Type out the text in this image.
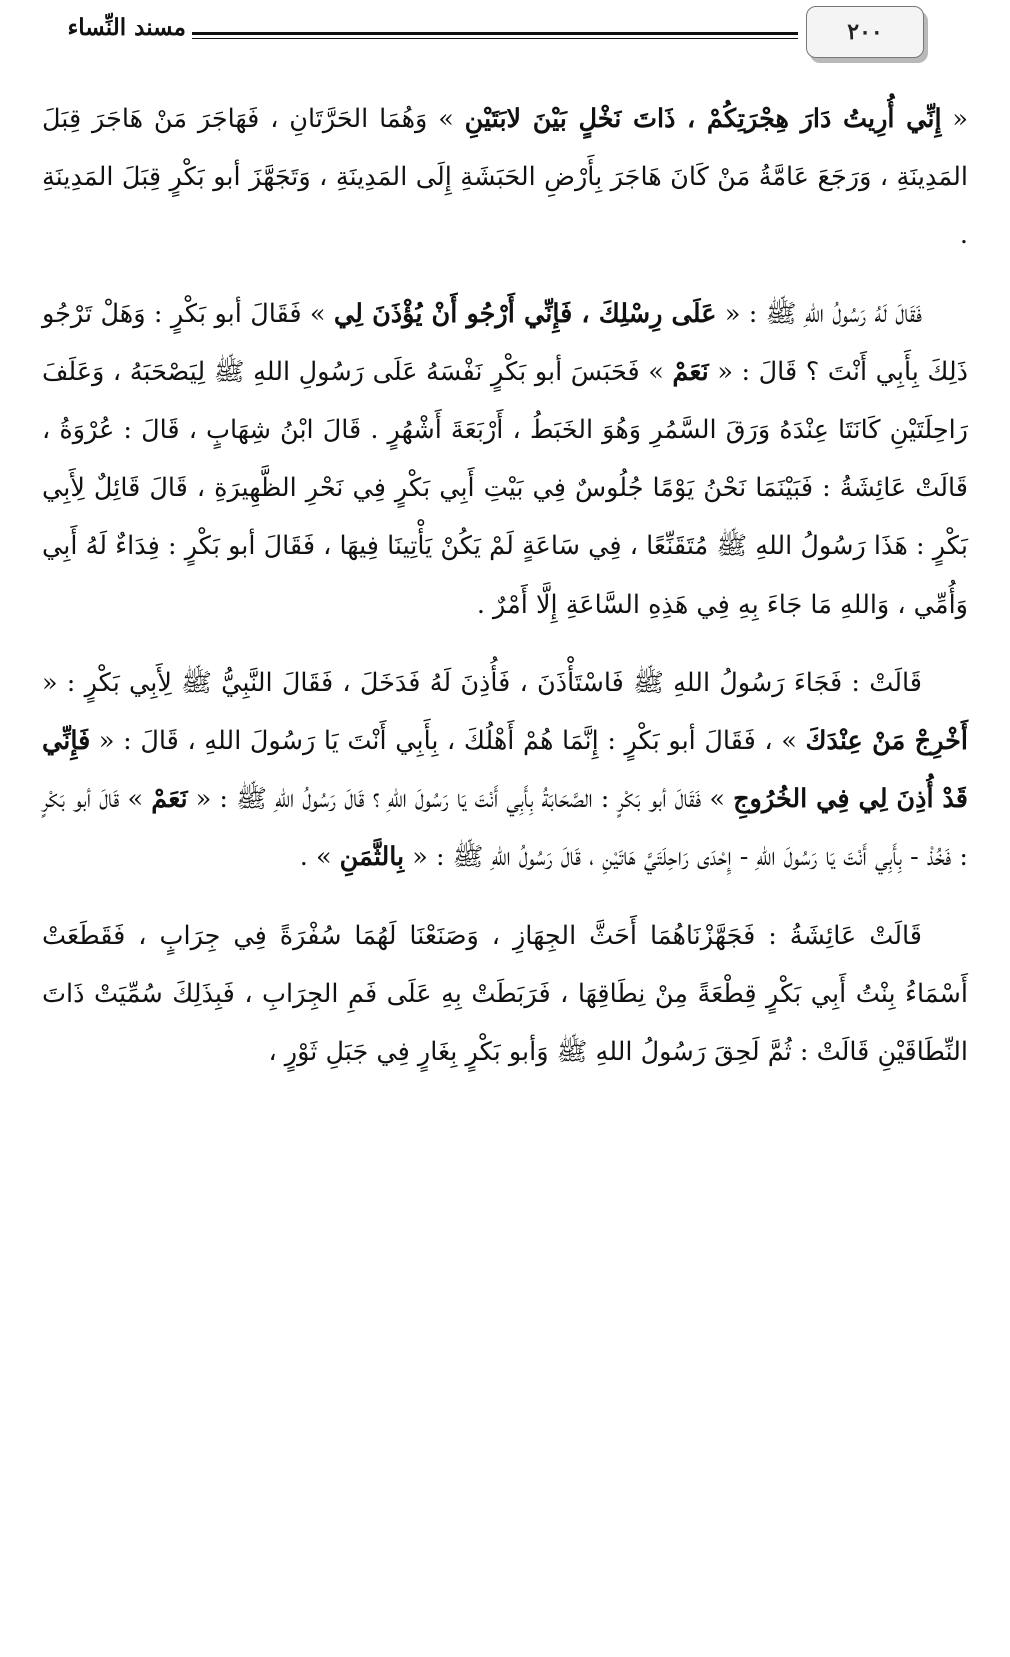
٢٠٠
مسند النِّساء

« إِنِّي أُرِيتُ دَارَ هِجْرَتِكُمْ ، ذَاتَ نَخْلٍ بَيْنَ لابَتَيْنِ » وَهُمَا الحَرَّتَانِ ، فَهَاجَرَ مَنْ هَاجَرَ قِبَلَ المَدِينَةِ ، وَرَجَعَ عَامَّةُ مَنْ كَانَ هَاجَرَ بِأَرْضِ الحَبَشَةِ إِلَى المَدِينَةِ ، وَتَجَهَّزَ أبو بَكْرٍ قِبَلَ المَدِينَةِ .

فَقَالَ لَهُ رَسُولُ اللهِ ﷺ : « عَلَى رِسْلِكَ ، فَإِنِّي أَرْجُو أَنْ يُؤْذَنَ لِي » فَقَالَ أبو بَكْرٍ : وَهَلْ تَرْجُو ذَلِكَ بِأَبِي أَنْتَ ؟ قَالَ : « نَعَمْ » فَحَبَسَ أبو بَكْرٍ نَفْسَهُ عَلَى رَسُولِ اللهِ ﷺ لِيَصْحَبَهُ ، وَعَلَفَ رَاحِلَتَيْنِ كَانَتَا عِنْدَهُ وَرَقَ السَّمُرِ وَهُوَ الخَبَطُ ، أَرْبَعَةَ أَشْهُرٍ . قَالَ ابْنُ شِهَابٍ ، قَالَ : عُرْوَةُ ، قَالَتْ عَائِشَةُ : فَبَيْنَمَا نَحْنُ يَوْمًا جُلُوسٌ فِي بَيْتِ أَبِي بَكْرٍ فِي نَحْرِ الظَّهِيرَةِ ، قَالَ قَائِلٌ لِأَبِي بَكْرٍ : هَذَا رَسُولُ اللهِ ﷺ مُتَقَنِّعًا ، فِي سَاعَةٍ لَمْ يَكُنْ يَأْتِينَا فِيهَا ، فَقَالَ أبو بَكْرٍ : فِدَاءٌ لَهُ أَبِي وَأُمِّي ، وَاللهِ مَا جَاءَ بِهِ فِي هَذِهِ السَّاعَةِ إِلَّا أَمْرٌ .

قَالَتْ : فَجَاءَ رَسُولُ اللهِ ﷺ فَاسْتَأْذَنَ ، فَأُذِنَ لَهُ فَدَخَلَ ، فَقَالَ النَّبِيُّ ﷺ لِأَبِي بَكْرٍ : « أَخْرِجْ مَنْ عِنْدَكَ » ، فَقَالَ أبو بَكْرٍ : إِنَّمَا هُمْ أَهْلُكَ ، بِأَبِي أَنْتَ يَا رَسُولَ اللهِ ، قَالَ : « فَإِنِّي قَدْ أُذِنَ لِي فِي الخُرُوجِ » فَقَالَ أبو بَكْرٍ : الصَّحَابَةُ بِأَبِي أَنْتَ يَا رَسُولَ اللهِ ؟ قَالَ رَسُولُ اللهِ ﷺ : « نَعَمْ » قَالَ أبو بَكْرٍ : فَخُذْ - بِأَبِي أَنْتَ يَا رَسُولَ اللهِ - إِحْدَى رَاحِلَتَيَّ هَاتَيْنِ ، قَالَ رَسُولُ اللهِ ﷺ : « بِالثَّمَنِ » .

قَالَتْ عَائِشَةُ : فَجَهَّزْنَاهُمَا أَحَثَّ الجِهَازِ ، وَصَنَعْنَا لَهُمَا سُفْرَةً فِي جِرَابٍ ، فَقَطَعَتْ أَسْمَاءُ بِنْتُ أَبِي بَكْرٍ قِطْعَةً مِنْ نِطَاقِهَا ، فَرَبَطَتْ بِهِ عَلَى فَمِ الجِرَابِ ، فَبِذَلِكَ سُمِّيَتْ ذَاتَ النِّطَاقَيْنِ قَالَتْ : ثُمَّ لَحِقَ رَسُولُ اللهِ ﷺ وَأبو بَكْرٍ بِغَارٍ فِي جَبَلِ ثَوْرٍ ،
